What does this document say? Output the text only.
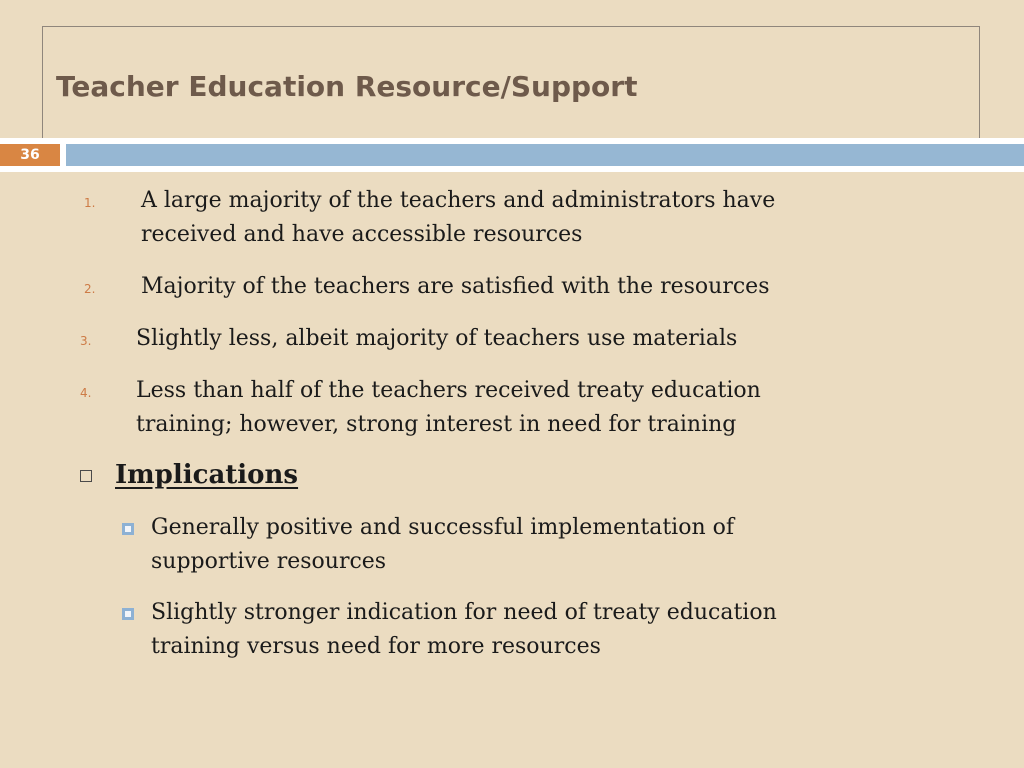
Teacher Education Resource/Support
36
1. A large majority of the teachers and administrators have
received and have accessible resources
2. Majority of the teachers are satisfied with the resources
3. Slightly less, albeit majority of teachers use materials
4. Less than half of the teachers received treaty education
training; however, strong interest in need for training
Implications
Generally positive and successful implementation of
supportive resources
Slightly stronger indication for need of treaty education
training versus need for more resources
